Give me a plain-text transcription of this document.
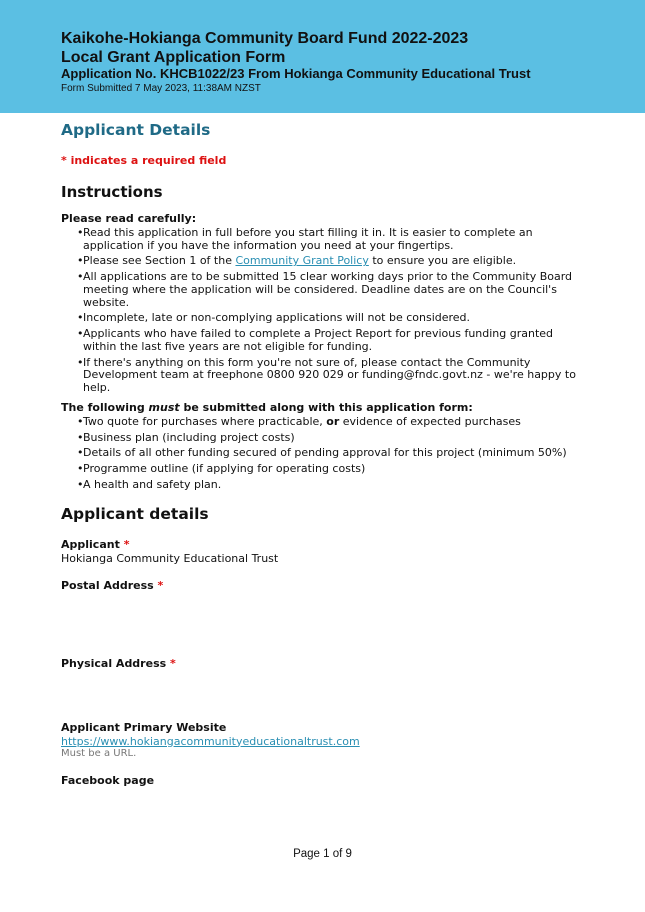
Kaikohe-Hokianga Community Board Fund 2022-2023
Local Grant Application Form
Application No. KHCB1022/23 From Hokianga Community Educational Trust
Form Submitted 7 May 2023, 11:38AM NZST
Applicant Details
* indicates a required field
Instructions
Please read carefully:
• Read this application in full before you start filling it in. It is easier to complete an application if you have the information you need at your fingertips.
• Please see Section 1 of the Community Grant Policy to ensure you are eligible.
• All applications are to be submitted 15 clear working days prior to the Community Board meeting where the application will be considered. Deadline dates are on the Council's website.
• Incomplete, late or non-complying applications will not be considered.
• Applicants who have failed to complete a Project Report for previous funding granted within the last five years are not eligible for funding.
• If there's anything on this form you're not sure of, please contact the Community Development team at freephone 0800 920 029 or funding@fndc.govt.nz - we're happy to help.
The following must be submitted along with this application form:
• Two quote for purchases where practicable, or evidence of expected purchases
• Business plan (including project costs)
• Details of all other funding secured of pending approval for this project (minimum 50%)
• Programme outline (if applying for operating costs)
• A health and safety plan.
Applicant details
Applicant *
Hokianga Community Educational Trust
Postal Address *
Physical Address *
Applicant Primary Website
https://www.hokiangacommunityeducationaltrust.com
Must be a URL.
Facebook page
Page 1 of 9
